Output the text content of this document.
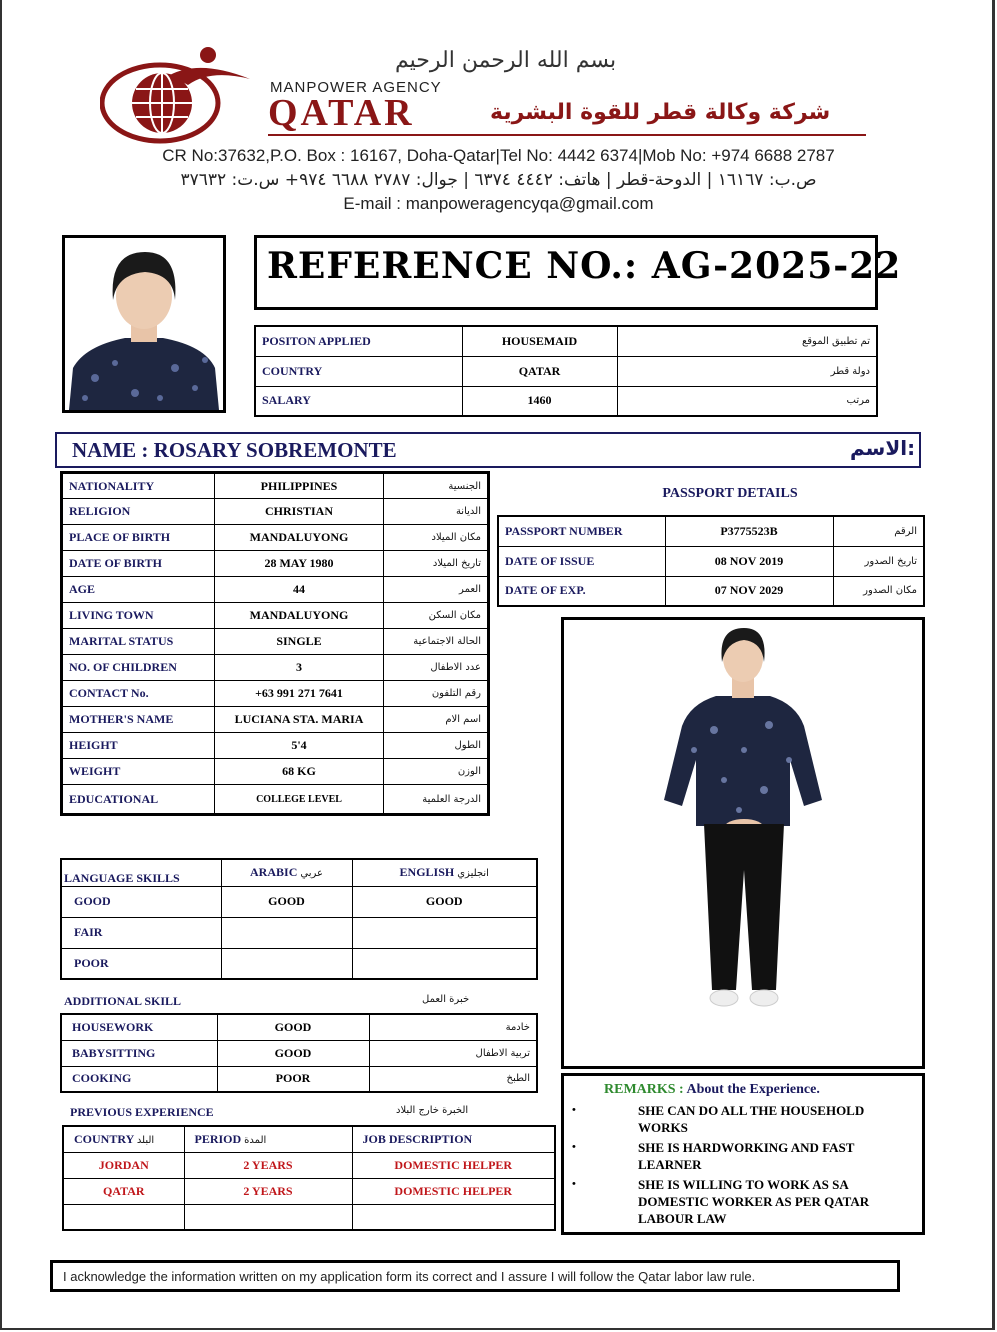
بسم الله الرحمن الرحيم
MANPOWER AGENCY
QATAR	شركة وكالة قطر للقوة البشرية
CR No:37632,P.O. Box : 16167, Doha-Qatar|Tel No: 4442 6374|Mob No: +974 6688 2787
ص.ب: ١٦١٦٧ | الدوحة-قطر | هاتف: ٤٤٤٢ ٦٣٧٤ | جوال: ٢٧٨٧ ٦٦٨٨ ٩٧٤+ س.ت: ٣٧٦٣٢
E-mail : manpoweragencyqa@gmail.com
REFERENCE NO.: AG-2025-22
POSITON APPLIED	HOUSEMAID	تم تطبيق الموقع
COUNTRY	QATAR	دولة قطر
SALARY	1460	مرتب
NAME : ROSARY SOBREMONTE	الاسم:
NATIONALITY	PHILIPPINES	الجنسية
RELIGION	CHRISTIAN	الديانة
PLACE OF BIRTH	MANDALUYONG	مكان الميلاد
DATE OF BIRTH	28 MAY 1980	تاريخ الميلاد
AGE	44	العمر
LIVING TOWN	MANDALUYONG	مكان السكن
MARITAL STATUS	SINGLE	الحالة الاجتماعية
NO. OF CHILDREN	3	عدد الاطفال
CONTACT No.	+63 991 271 7641	رقم التلفون
MOTHER'S NAME	LUCIANA STA. MARIA	اسم الام
HEIGHT	5'4	الطول
WEIGHT	68 KG	الوزن
EDUCATIONAL	COLLEGE LEVEL	الدرجة العلمية
PASSPORT DETAILS
PASSPORT NUMBER	P3775523B	الرقم
DATE OF ISSUE	08 NOV 2019	تاريخ الصدور
DATE OF EXP.	07 NOV 2029	مكان الصدور
LANGUAGE SKILLS	ARABIC عربي	ENGLISH انجليزي
GOOD	GOOD	GOOD
FAIR		
POOR		
ADDITIONAL SKILL	خبرة العمل
HOUSEWORK	GOOD	خادمة
BABYSITTING	GOOD	تربية الاطفال
COOKING	POOR	الطبخ
PREVIOUS EXPERIENCE	الخبرة خارج البلاد
COUNTRY البلد	PERIOD المدة	JOB DESCRIPTION
JORDAN	2 YEARS	DOMESTIC HELPER
QATAR	2 YEARS	DOMESTIC HELPER

REMARKS : About the Experience.
•	SHE CAN DO ALL THE HOUSEHOLD WORKS
•	SHE IS HARDWORKING AND FAST LEARNER
•	SHE IS WILLING TO WORK AS SA DOMESTIC WORKER AS PER QATAR LABOUR LAW
I acknowledge the information written on my application form its correct and I assure I will follow the Qatar labor law rule.
